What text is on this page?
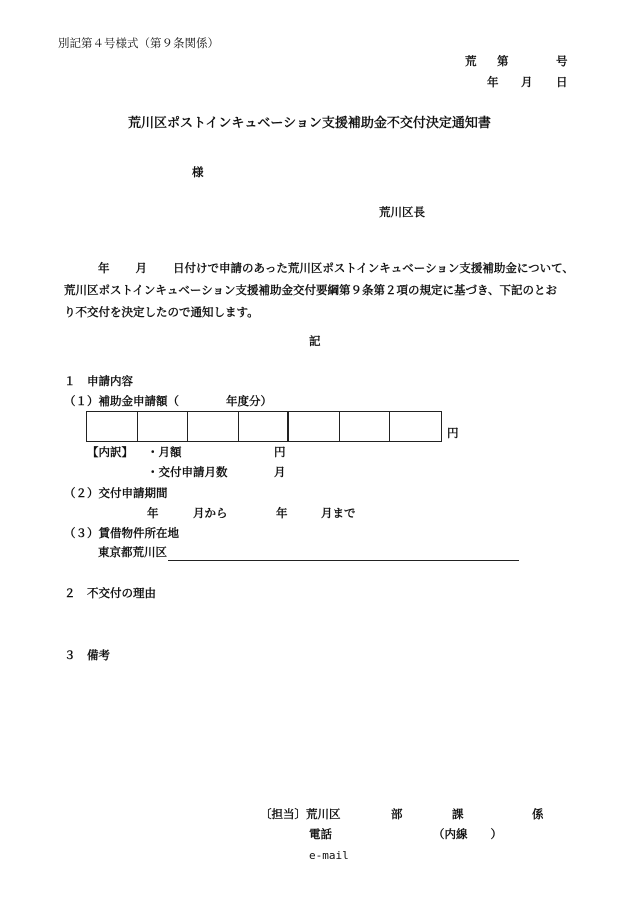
別記第４号様式（第９条関係）
荒 第	号
年 月 日
荒川区ポストインキュベーション支援補助金不交付決定通知書
様
荒川区長
年 月 日付けで申請のあった荒川区ポストインキュベーション支援補助金について、
荒川区ポストインキュベーション支援補助金交付要綱第９条第２項の規定に基づき、下記のとお
り不交付を決定したので通知します。
記
１　申請内容
（１）補助金申請額（	年度分）
円
【内訳】 ・月額	円
・交付申請月数	月
（２）交付申請期間
年	月から	年	月まで
（３）賃借物件所在地
東京都荒川区
２　不交付の理由
３　備考
〔担当〕荒川区	部	課	係
電話	（内線　　）
e-mail
